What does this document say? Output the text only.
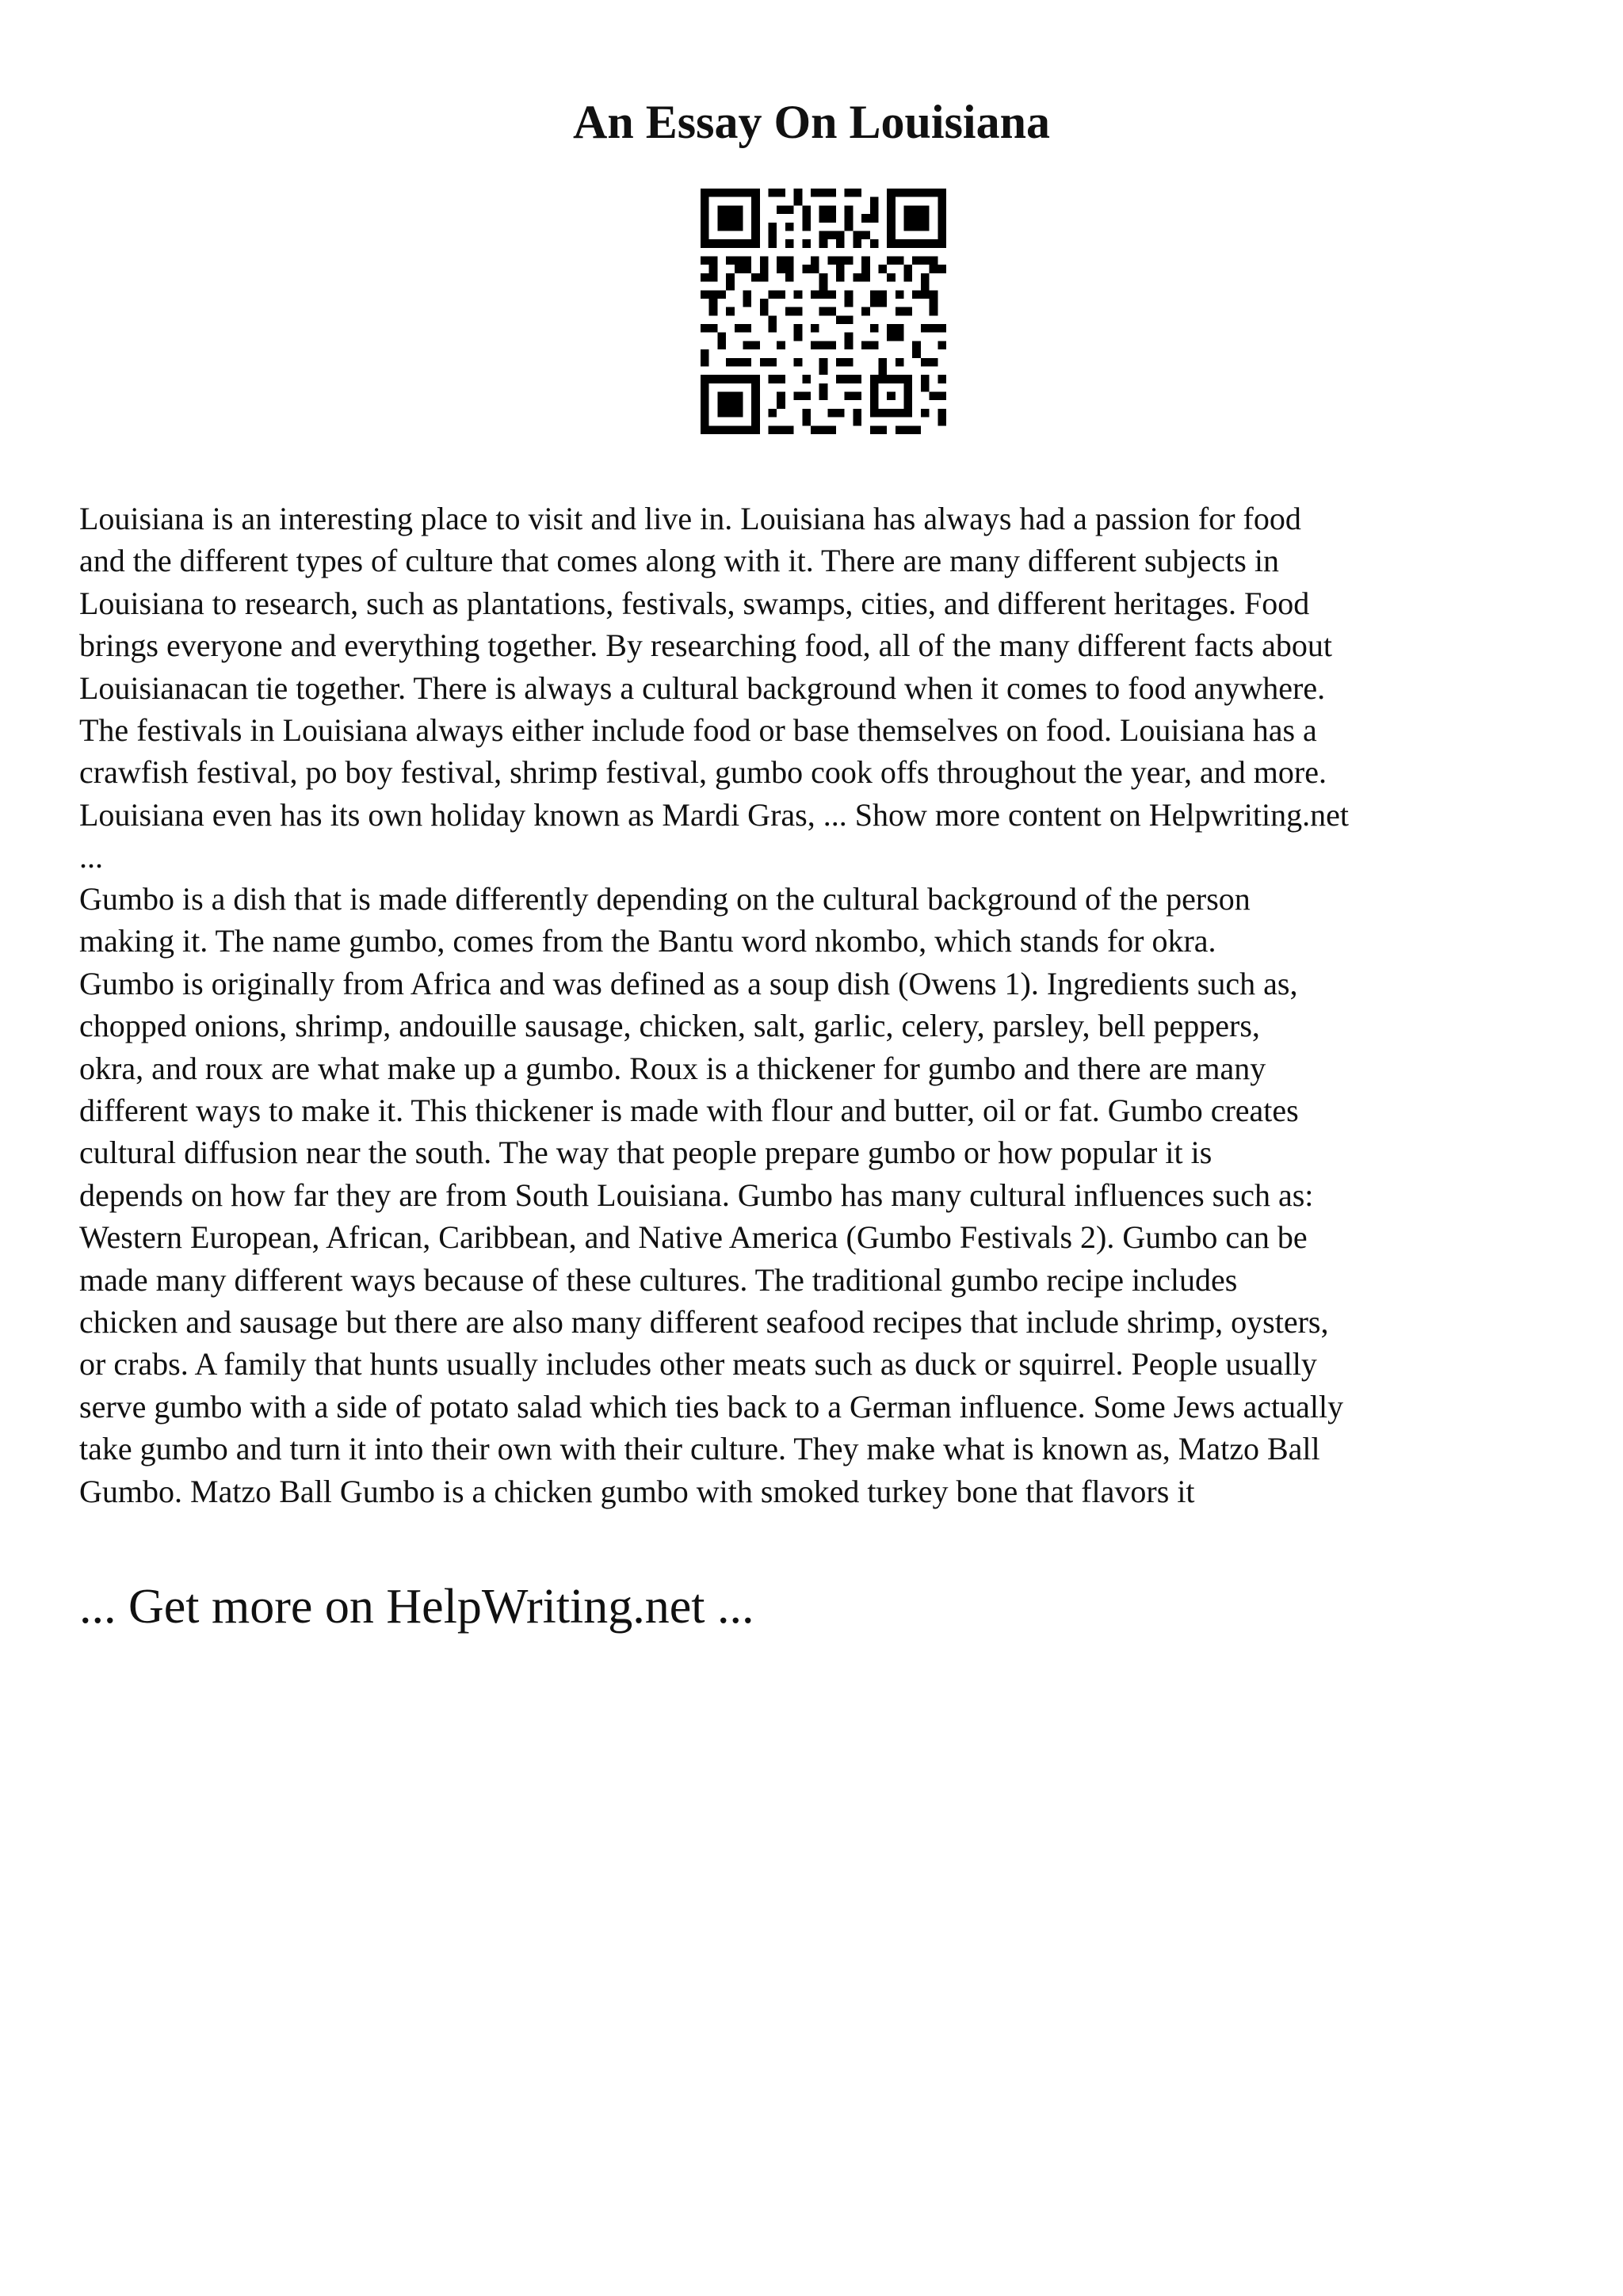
An Essay On Louisiana

Louisiana is an interesting place to visit and live in. Louisiana has always had a passion for food
and the different types of culture that comes along with it. There are many different subjects in
Louisiana to research, such as plantations, festivals, swamps, cities, and different heritages. Food
brings everyone and everything together. By researching food, all of the many different facts about
Louisianacan tie together. There is always a cultural background when it comes to food anywhere.
The festivals in Louisiana always either include food or base themselves on food. Louisiana has a
crawfish festival, po boy festival, shrimp festival, gumbo cook offs throughout the year, and more.
Louisiana even has its own holiday known as Mardi Gras, ... Show more content on Helpwriting.net
...

Gumbo is a dish that is made differently depending on the cultural background of the person
making it. The name gumbo, comes from the Bantu word nkombo, which stands for okra.
Gumbo is originally from Africa and was defined as a soup dish (Owens 1). Ingredients such as,
chopped onions, shrimp, andouille sausage, chicken, salt, garlic, celery, parsley, bell peppers,
okra, and roux are what make up a gumbo. Roux is a thickener for gumbo and there are many
different ways to make it. This thickener is made with flour and butter, oil or fat. Gumbo creates
cultural diffusion near the south. The way that people prepare gumbo or how popular it is
depends on how far they are from South Louisiana. Gumbo has many cultural influences such as:
Western European, African, Caribbean, and Native America (Gumbo Festivals 2). Gumbo can be
made many different ways because of these cultures. The traditional gumbo recipe includes
chicken and sausage but there are also many different seafood recipes that include shrimp, oysters,
or crabs. A family that hunts usually includes other meats such as duck or squirrel. People usually
serve gumbo with a side of potato salad which ties back to a German influence. Some Jews actually
take gumbo and turn it into their own with their culture. They make what is known as, Matzo Ball
Gumbo. Matzo Ball Gumbo is a chicken gumbo with smoked turkey bone that flavors it

... Get more on HelpWriting.net ...
